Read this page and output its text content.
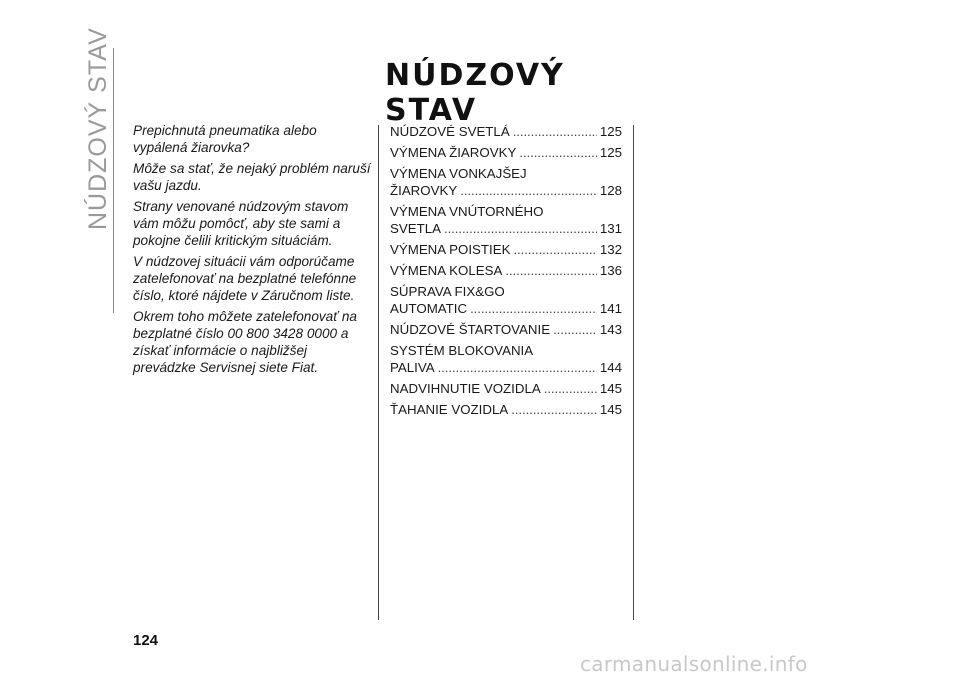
NÚDZOVÝ STAV	NÚDZOVÝ STAV

Prepichnutá pneumatika alebo vypálená žiarovka?

Môže sa stať, že nejaký problém naruší vašu jazdu.

Strany venované núdzovým stavom vám môžu pomôcť, aby ste sami a pokojne čelili kritickým situáciám.

V núdzovej situácii vám odporúčame zatelefonovať na bezplatné telefónne číslo, ktoré nájdete v Záručnom liste.

Okrem toho môžete zatelefonovať na bezplatné číslo 00 800 3428 0000 a získať informácie o najbližšej prevádzke Servisnej siete Fiat.

NÚDZOVÉ SVETLÁ . . .	125
VÝMENA ŽIAROVKY . . .	125
VÝMENA VONKAJŠEJ
ŽIAROVKY . . .	128
VÝMENA VNÚTORNÉHO
SVETLA . . .	131
VÝMENA POISTIEK . . .	132
VÝMENA KOLESA . . .	136
SÚPRAVA FIX&GO
AUTOMATIC . . .	141
NÚDZOVÉ ŠTARTOVANIE . . .	143
SYSTÉM BLOKOVANIA
PALIVA . . .	144
NADVIHNUTIE VOZIDLA . . .	145
ŤAHANIE VOZIDLA . . .	145
124
carmanualsonline.info
